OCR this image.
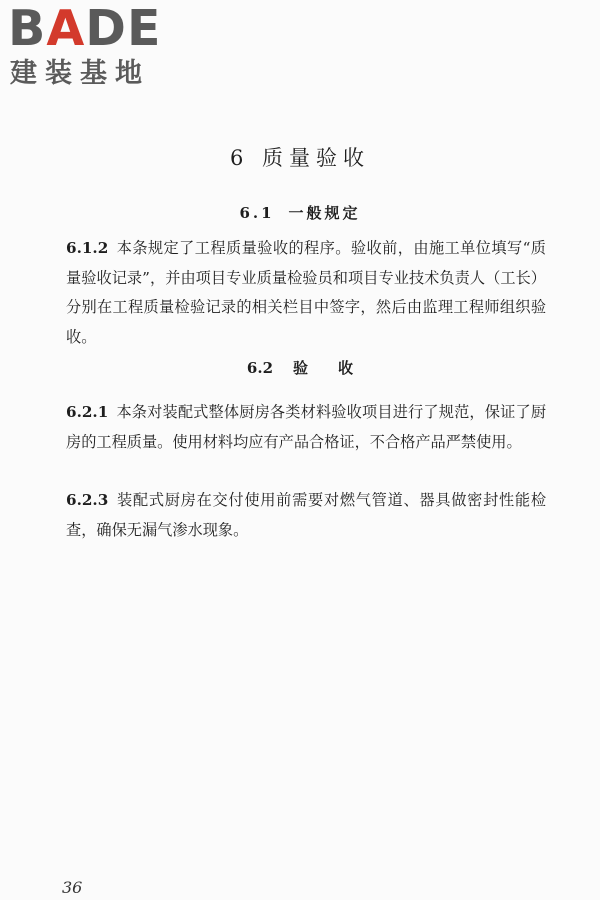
BADE
建装基地
6 质量验收
6.1 一般规定
6.1.2 本条规定了工程质量验收的程序。验收前，由施工单位填写“质量验收记录”，并由项目专业质量检验员和项目专业技术负责人（工长）分别在工程质量检验记录的相关栏目中签字，然后由监理工程师组织验收。
6.2 验 收
6.2.1 本条对装配式整体厨房各类材料验收项目进行了规范，保证了厨房的工程质量。使用材料均应有产品合格证，不合格产品严禁使用。
6.2.3 装配式厨房在交付使用前需要对燃气管道、器具做密封性能检查，确保无漏气渗水现象。
36
